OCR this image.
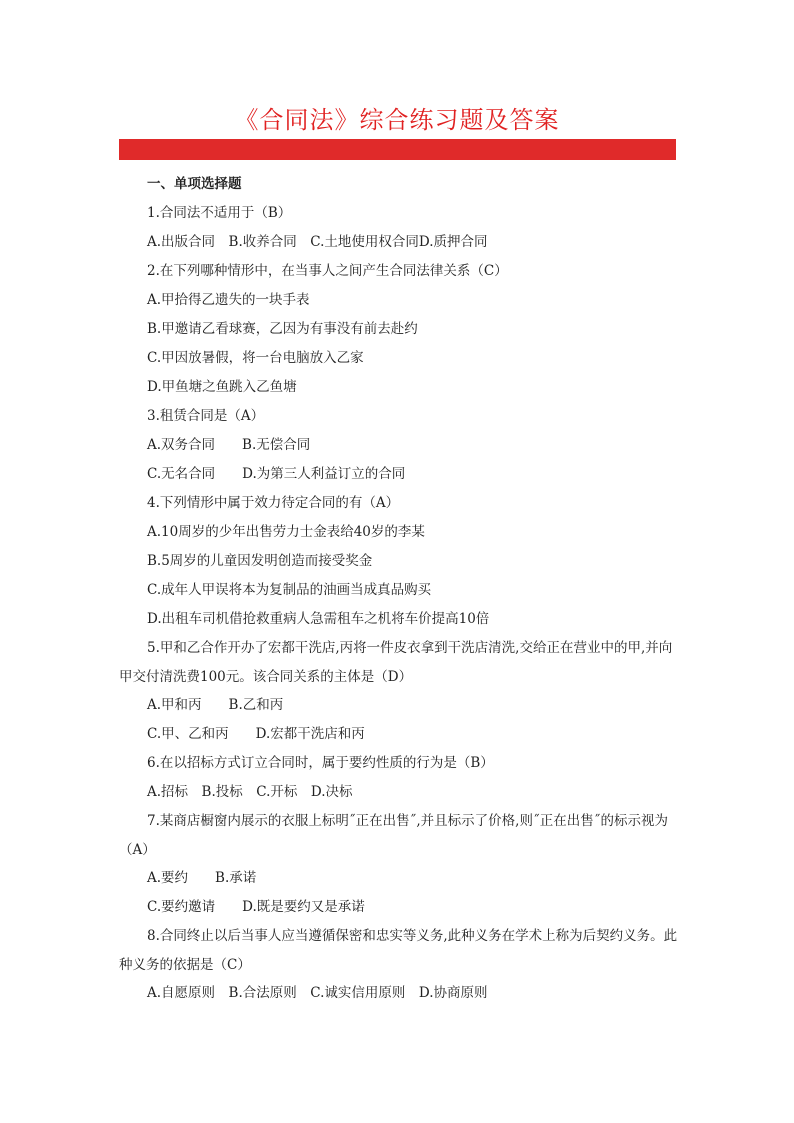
《合同法》综合练习题及答案
一、单项选择题
1.合同法不适用于（B）
A.出版合同　B.收养合同　C.土地使用权合同D.质押合同
2.在下列哪种情形中，在当事人之间产生合同法律关系（C）
A.甲拾得乙遗失的一块手表
B.甲邀请乙看球赛，乙因为有事没有前去赴约
C.甲因放暑假，将一台电脑放入乙家
D.甲鱼塘之鱼跳入乙鱼塘
3.租赁合同是（A）
A.双务合同　　B.无偿合同
C.无名合同　　D.为第三人利益订立的合同
4.下列情形中属于效力待定合同的有（A）
A.10周岁的少年出售劳力士金表给40岁的李某
B.5周岁的儿童因发明创造而接受奖金
C.成年人甲误将本为复制品的油画当成真品购买
D.出租车司机借抢救重病人急需租车之机将车价提高10倍
5.甲和乙合作开办了宏都干洗店,丙将一件皮衣拿到干洗店清洗,交给正在营业中的甲,并向甲交付清洗费100元。该合同关系的主体是（D）
A.甲和丙　　B.乙和丙
C.甲、乙和丙　　D.宏都干洗店和丙
6.在以招标方式订立合同时，属于要约性质的行为是（B）
A.招标　B.投标　C.开标　D.决标
7.某商店橱窗内展示的衣服上标明˝正在出售˝,并且标示了价格,则˝正在出售˝的标示视为（A）
A.要约　　B.承诺
C.要约邀请　　D.既是要约又是承诺
8.合同终止以后当事人应当遵循保密和忠实等义务,此种义务在学术上称为后契约义务。此种义务的依据是（C）
A.自愿原则　B.合法原则　C.诚实信用原则　D.协商原则
